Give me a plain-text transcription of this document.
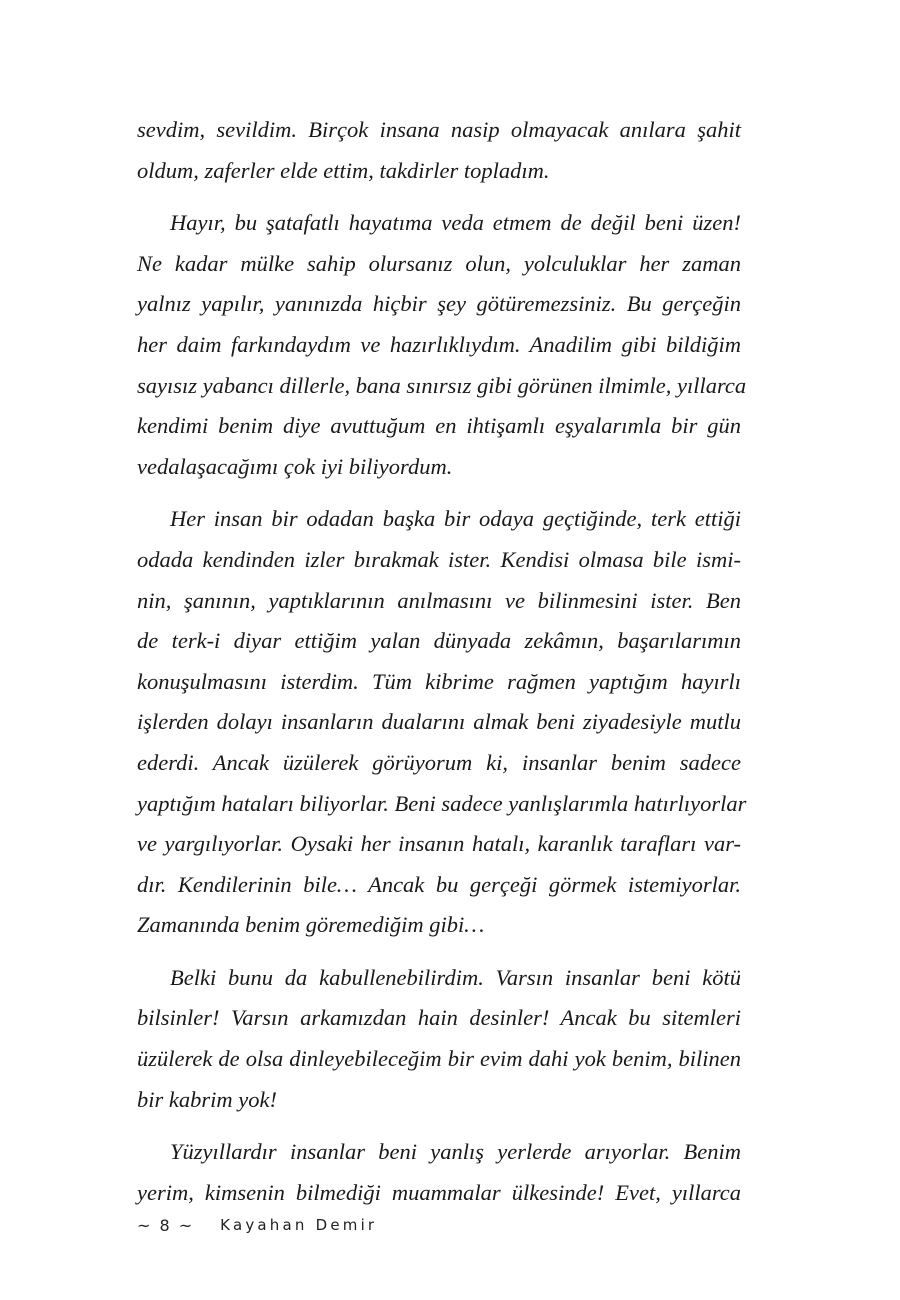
sevdim, sevildim. Birçok insana nasip olmayacak anılara şahit
oldum, zaferler elde ettim, takdirler topladım.

Hayır, bu şatafatlı hayatıma veda etmem de değil beni üzen!
Ne kadar mülke sahip olursanız olun, yolculuklar her zaman
yalnız yapılır, yanınızda hiçbir şey götüremezsiniz. Bu gerçeğin
her daim farkındaydım ve hazırlıklıydım. Anadilim gibi bildiğim
sayısız yabancı dillerle, bana sınırsız gibi görünen ilmimle, yıllarca
kendimi benim diye avuttuğum en ihtişamlı eşyalarımla bir gün
vedalaşacağımı çok iyi biliyordum.

Her insan bir odadan başka bir odaya geçtiğinde, terk ettiği
odada kendinden izler bırakmak ister. Kendisi olmasa bile ismi-
nin, şanının, yaptıklarının anılmasını ve bilinmesini ister. Ben
de terk-i diyar ettiğim yalan dünyada zekâmın, başarılarımın
konuşulmasını isterdim. Tüm kibrime rağmen yaptığım hayırlı
işlerden dolayı insanların dualarını almak beni ziyadesiyle mutlu
ederdi. Ancak üzülerek görüyorum ki, insanlar benim sadece
yaptığım hataları biliyorlar. Beni sadece yanlışlarımla hatırlıyorlar
ve yargılıyorlar. Oysaki her insanın hatalı, karanlık tarafları var-
dır. Kendilerinin bile… Ancak bu gerçeği görmek istemiyorlar.
Zamanında benim göremediğim gibi…

Belki bunu da kabullenebilirdim. Varsın insanlar beni kötü
bilsinler! Varsın arkamızdan hain desinler! Ancak bu sitemleri
üzülerek de olsa dinleyebileceğim bir evim dahi yok benim, bilinen
bir kabrim yok!

Yüzyıllardır insanlar beni yanlış yerlerde arıyorlar. Benim
yerim, kimsenin bilmediği muammalar ülkesinde! Evet, yıllarca

~ 8 ~ Kayahan Demir
